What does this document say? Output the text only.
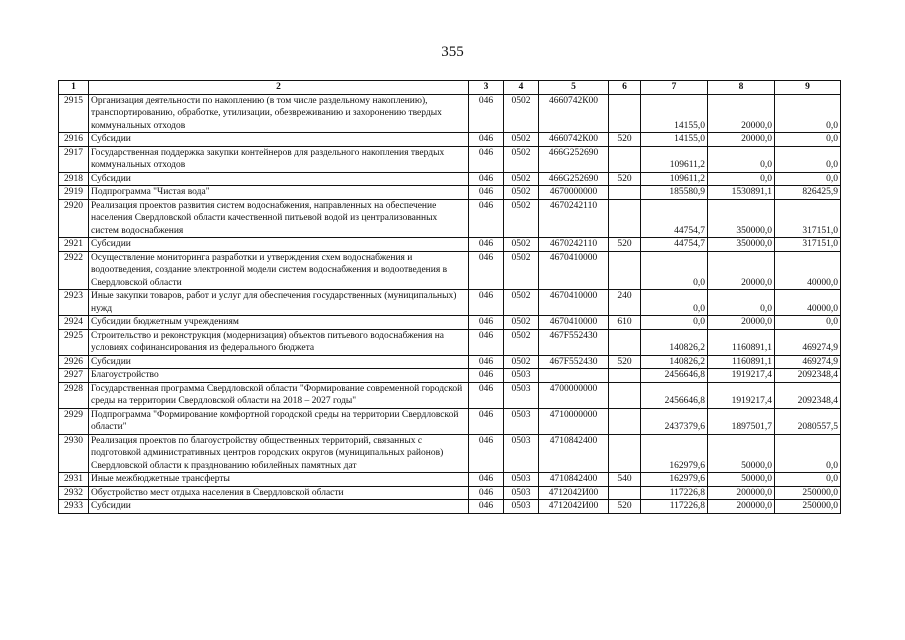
355
1	2	3	4	5	6	7	8	9
2915	Организация деятельности по накоплению (в том числе раздельному накоплению), транспортированию, обработке, утилизации, обезвреживанию и захоронению твердых коммунальных отходов	046	0502	4660742К00		14155,0	20000,0	0,0
2916	Субсидии	046	0502	4660742К00	520	14155,0	20000,0	0,0
2917	Государственная поддержка закупки контейнеров для раздельного накопления твердых коммунальных отходов	046	0502	466G252690		109611,2	0,0	0,0
2918	Субсидии	046	0502	466G252690	520	109611,2	0,0	0,0
2919	Подпрограмма "Чистая вода"	046	0502	4670000000		185580,9	1530891,1	826425,9
2920	Реализация проектов развития систем водоснабжения, направленных на обеспечение населения Свердловской области качественной питьевой водой из централизованных систем водоснабжения	046	0502	4670242110		44754,7	350000,0	317151,0
2921	Субсидии	046	0502	4670242110	520	44754,7	350000,0	317151,0
2922	Осуществление мониторинга разработки и утверждения схем водоснабжения и водоотведения, создание электронной модели систем водоснабжения и водоотведения в Свердловской области	046	0502	4670410000		0,0	20000,0	40000,0
2923	Иные закупки товаров, работ и услуг для обеспечения государственных (муниципальных) нужд	046	0502	4670410000	240	0,0	0,0	40000,0
2924	Субсидии бюджетным учреждениям	046	0502	4670410000	610	0,0	20000,0	0,0
2925	Строительство и реконструкция (модернизация) объектов питьевого водоснабжения на условиях софинансирования из федерального бюджета	046	0502	467F552430		140826,2	1160891,1	469274,9
2926	Субсидии	046	0502	467F552430	520	140826,2	1160891,1	469274,9
2927	Благоустройство	046	0503			2456646,8	1919217,4	2092348,4
2928	Государственная программа Свердловской области "Формирование современной городской среды на территории Свердловской области на 2018 – 2027 годы"	046	0503	4700000000		2456646,8	1919217,4	2092348,4
2929	Подпрограмма "Формирование комфортной городской среды на территории Свердловской области"	046	0503	4710000000		2437379,6	1897501,7	2080557,5
2930	Реализация проектов по благоустройству общественных территорий, связанных с подготовкой административных центров городских округов (муниципальных районов) Свердловской области к празднованию юбилейных памятных дат	046	0503	4710842400		162979,6	50000,0	0,0
2931	Иные межбюджетные трансферты	046	0503	4710842400	540	162979,6	50000,0	0,0
2932	Обустройство мест отдыха населения в Свердловской области	046	0503	4712042И00		117226,8	200000,0	250000,0
2933	Субсидии	046	0503	4712042И00	520	117226,8	200000,0	250000,0
